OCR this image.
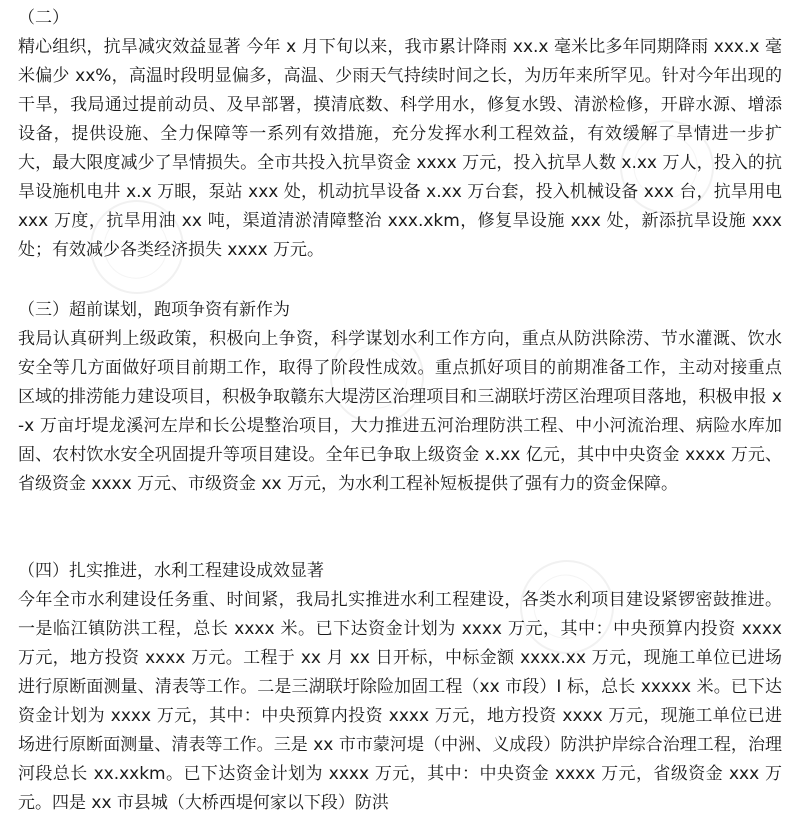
（二）

精心组织，抗旱减灾效益显著 今年 x 月下旬以来，我市累计降雨 xx.x 毫米比多年同期降雨 xxx.x 毫米偏少 xx%，高温时段明显偏多，高温、少雨天气持续时间之长，为历年来所罕见。针对今年出现的干旱，我局通过提前动员、及早部署，摸清底数、科学用水，修复水毁、清淤检修，开辟水源、增添设备，提供设施、全力保障等一系列有效措施，充分发挥水利工程效益，有效缓解了旱情进一步扩大，最大限度减少了旱情损失。全市共投入抗旱资金 xxxx 万元，投入抗旱人数 x.xx 万人，投入的抗旱设施机电井 x.x 万眼，泵站 xxx 处，机动抗旱设备 x.xx 万台套，投入机械设备 xxx 台，抗旱用电 xxx 万度，抗旱用油 xx 吨，渠道清淤清障整治 xxx.xkm，修复旱设施 xxx 处，新添抗旱设施 xxx 处；有效减少各类经济损失 xxxx 万元。

（三）超前谋划，跑项争资有新作为

我局认真研判上级政策，积极向上争资，科学谋划水利工作方向，重点从防洪除涝、节水灌溉、饮水安全等几方面做好项目前期工作，取得了阶段性成效。重点抓好项目的前期准备工作，主动对接重点区域的排涝能力建设项目，积极争取赣东大堤涝区治理项目和三湖联圩涝区治理项目落地，积极申报 x-x 万亩圩堤龙溪河左岸和长公堤整治项目，大力推进五河治理防洪工程、中小河流治理、病险水库加固、农村饮水安全巩固提升等项目建设。全年已争取上级资金 x.xx 亿元，其中中央资金 xxxx 万元、省级资金 xxxx 万元、市级资金 xx 万元，为水利工程补短板提供了强有力的资金保障。

（四）扎实推进，水利工程建设成效显著

今年全市水利建设任务重、时间紧，我局扎实推进水利工程建设，各类水利项目建设紧锣密鼓推进。一是临江镇防洪工程，总长 xxxx 米。已下达资金计划为 xxxx 万元，其中：中央预算内投资 xxxx 万元，地方投资 xxxx 万元。工程于 xx 月 xx 日开标，中标金额 xxxx.xx 万元，现施工单位已进场进行原断面测量、清表等工作。二是三湖联圩除险加固工程（xx 市段）I 标，总长 xxxxx 米。已下达资金计划为 xxxx 万元，其中：中央预算内投资 xxxx 万元，地方投资 xxxx 万元，现施工单位已进场进行原断面测量、清表等工作。三是 xx 市市蒙河堤（中洲、义成段）防洪护岸综合治理工程，治理河段总长 xx.xxkm。已下达资金计划为 xxxx 万元，其中：中央资金 xxxx 万元，省级资金 xxx 万元。四是 xx 市县城（大桥西堤何家以下段）防洪
